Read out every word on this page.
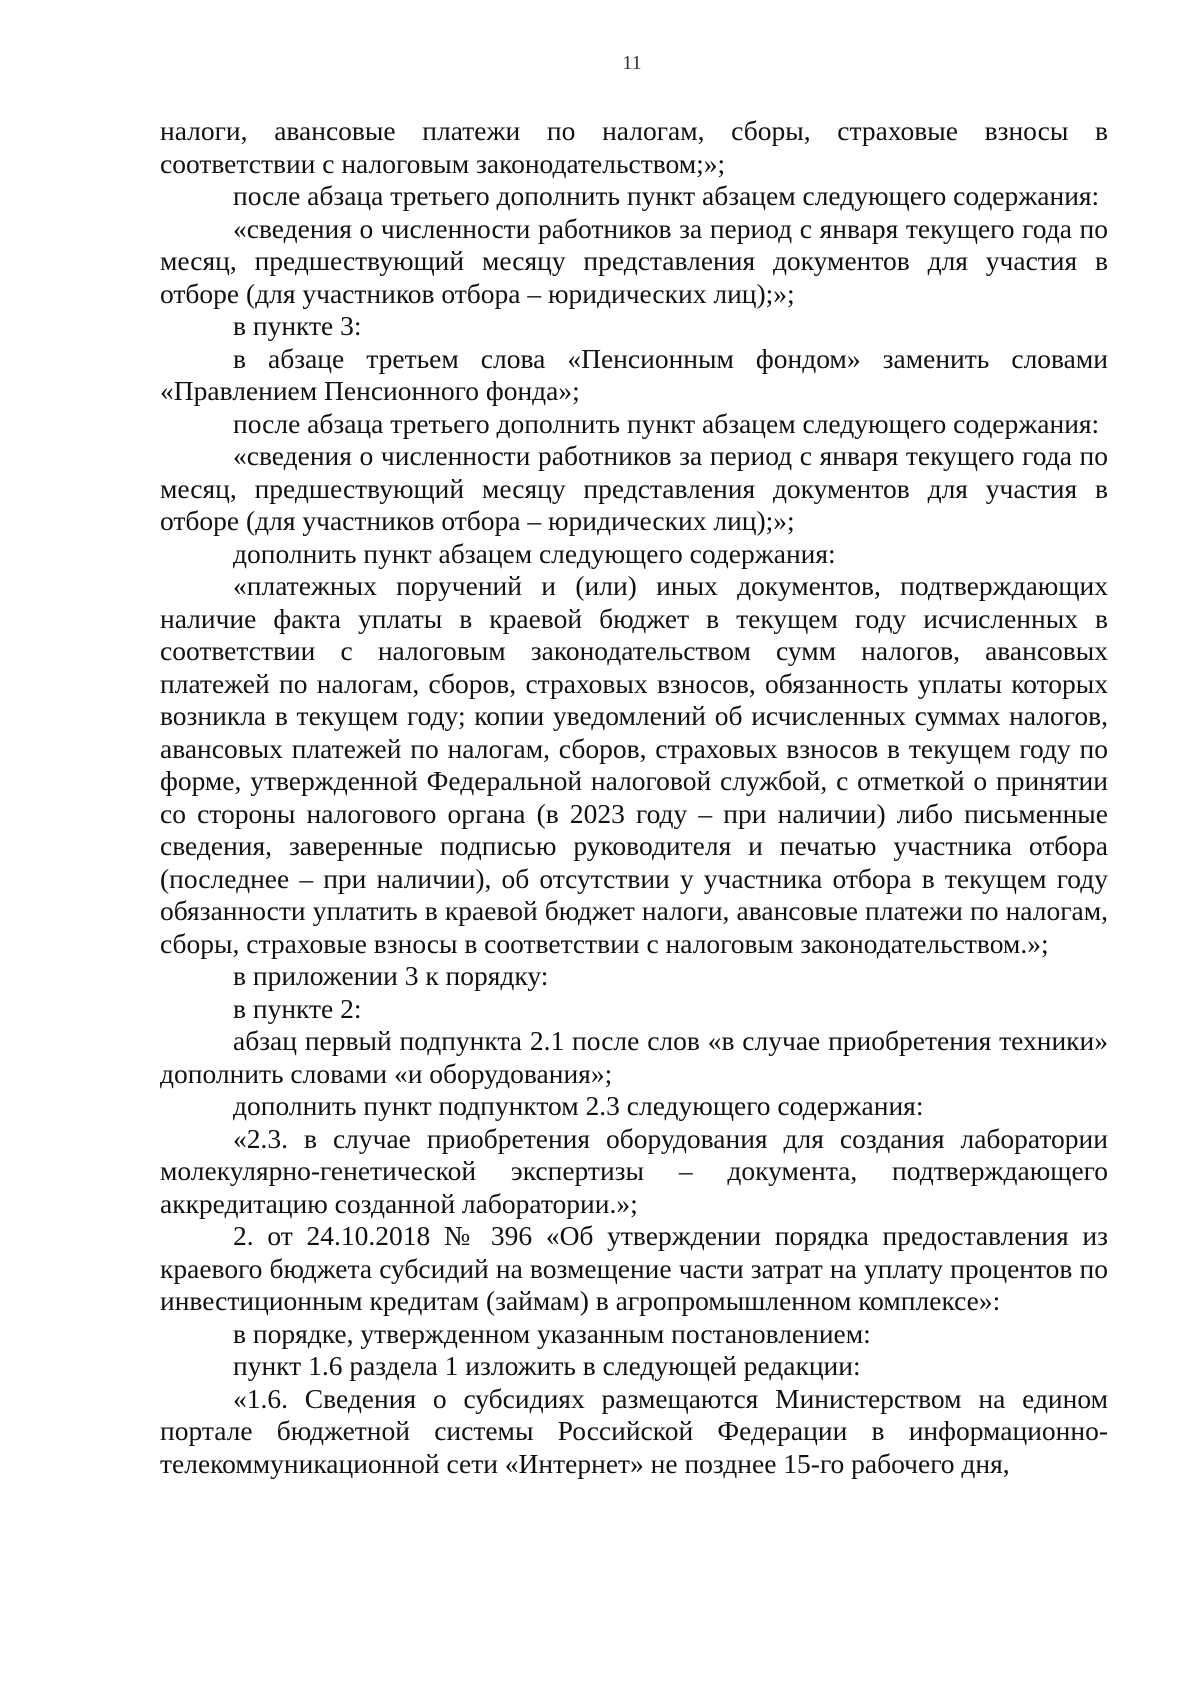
11

налоги, авансовые платежи по налогам, сборы, страховые взносы в соответствии с налоговым законодательством;»;

после абзаца третьего дополнить пункт абзацем следующего содержания:

«сведения о численности работников за период с января текущего года по месяц, предшествующий месяцу представления документов для участия в отборе (для участников отбора – юридических лиц);»;

в пункте 3:

в абзаце третьем слова «Пенсионным фондом» заменить словами «Правлением Пенсионного фонда»;

после абзаца третьего дополнить пункт абзацем следующего содержания:

«сведения о численности работников за период с января текущего года по месяц, предшествующий месяцу представления документов для участия в отборе (для участников отбора – юридических лиц);»;

дополнить пункт абзацем следующего содержания:

«платежных поручений и (или) иных документов, подтверждающих наличие факта уплаты в краевой бюджет в текущем году исчисленных в соответствии с налоговым законодательством сумм налогов, авансовых платежей по налогам, сборов, страховых взносов, обязанность уплаты которых возникла в текущем году; копии уведомлений об исчисленных суммах налогов, авансовых платежей по налогам, сборов, страховых взносов в текущем году по форме, утвержденной Федеральной налоговой службой, с отметкой о принятии со стороны налогового органа (в 2023 году – при наличии) либо письменные сведения, заверенные подписью руководителя и печатью участника отбора (последнее – при наличии), об отсутствии у участника отбора в текущем году обязанности уплатить в краевой бюджет налоги, авансовые платежи по налогам, сборы, страховые взносы в соответствии с налоговым законодательством.»;

в приложении 3 к порядку:

в пункте 2:

абзац первый подпункта 2.1 после слов «в случае приобретения техники» дополнить словами «и оборудования»;

дополнить пункт подпунктом 2.3 следующего содержания:

«2.3. в случае приобретения оборудования для создания лаборатории молекулярно-генетической экспертизы – документа, подтверждающего аккредитацию созданной лаборатории.»;

2. от 24.10.2018 № 396 «Об утверждении порядка предоставления из краевого бюджета субсидий на возмещение части затрат на уплату процентов по инвестиционным кредитам (займам) в агропромышленном комплексе»:

в порядке, утвержденном указанным постановлением:

пункт 1.6 раздела 1 изложить в следующей редакции:

«1.6. Сведения о субсидиях размещаются Министерством на едином портале бюджетной системы Российской Федерации в информационно-телекоммуникационной сети «Интернет» не позднее 15-го рабочего дня,
